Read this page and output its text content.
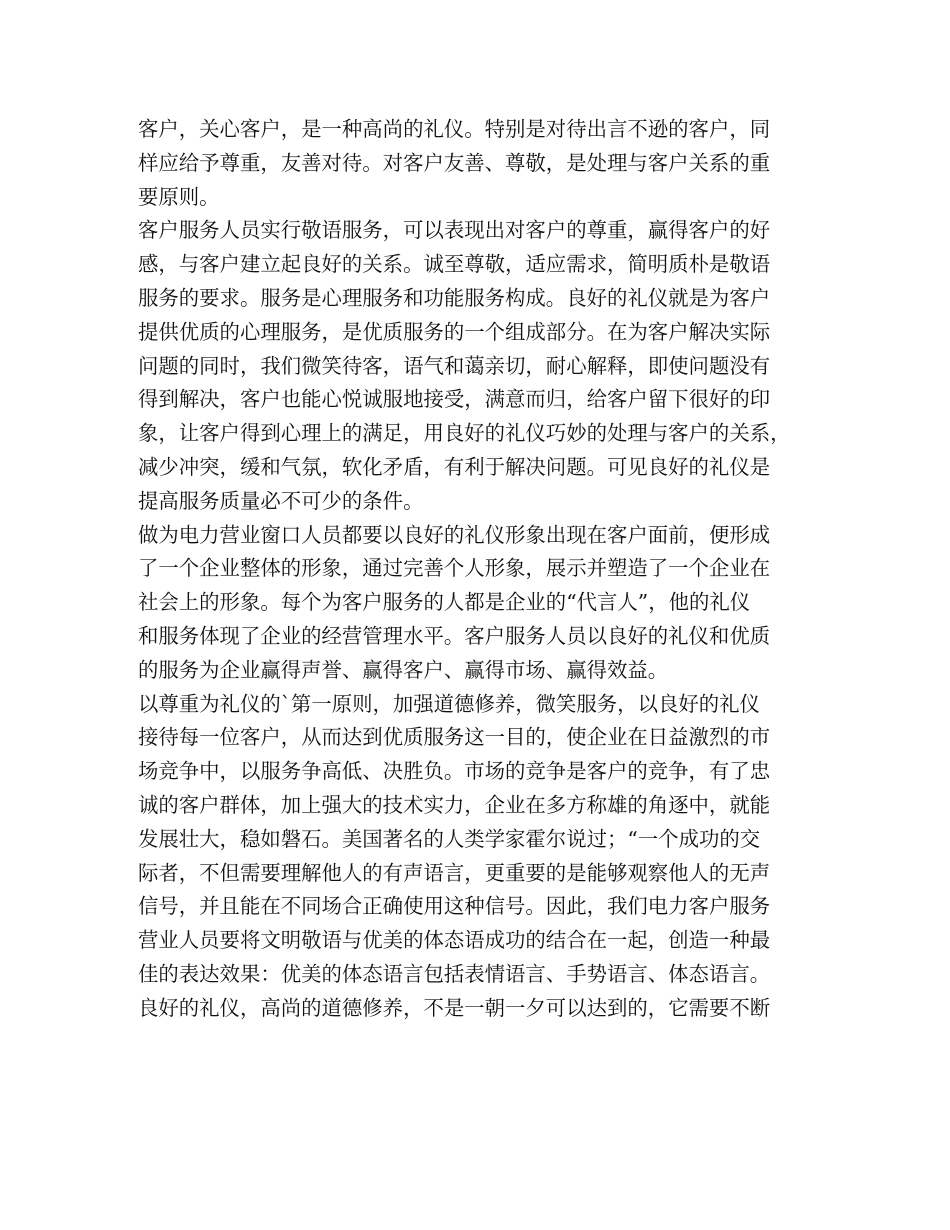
客户，关心客户，是一种高尚的礼仪。特别是对待出言不逊的客户，同
样应给予尊重，友善对待。对客户友善、尊敬，是处理与客户关系的重
要原则。
客户服务人员实行敬语服务，可以表现出对客户的尊重，赢得客户的好
感，与客户建立起良好的关系。诚至尊敬，适应需求，简明质朴是敬语
服务的要求。服务是心理服务和功能服务构成。良好的礼仪就是为客户
提供优质的心理服务，是优质服务的一个组成部分。在为客户解决实际
问题的同时，我们微笑待客，语气和蔼亲切，耐心解释，即使问题没有
得到解决，客户也能心悦诚服地接受，满意而归，给客户留下很好的印
象，让客户得到心理上的满足，用良好的礼仪巧妙的处理与客户的关系，
减少冲突，缓和气氛，软化矛盾，有利于解决问题。可见良好的礼仪是
提高服务质量必不可少的条件。
做为电力营业窗口人员都要以良好的礼仪形象出现在客户面前，便形成
了一个企业整体的形象，通过完善个人形象，展示并塑造了一个企业在
社会上的形象。每个为客户服务的人都是企业的“代言人”，他的礼仪
和服务体现了企业的经营管理水平。客户服务人员以良好的礼仪和优质
的服务为企业赢得声誉、赢得客户、赢得市场、赢得效益。
以尊重为礼仪的`第一原则，加强道德修养，微笑服务，以良好的礼仪
接待每一位客户，从而达到优质服务这一目的，使企业在日益激烈的市
场竞争中，以服务争高低、决胜负。市场的竞争是客户的竞争，有了忠
诚的客户群体，加上强大的技术实力，企业在多方称雄的角逐中，就能
发展壮大，稳如磐石。美国著名的人类学家霍尔说过；“一个成功的交
际者，不但需要理解他人的有声语言，更重要的是能够观察他人的无声
信号，并且能在不同场合正确使用这种信号。因此，我们电力客户服务
营业人员要将文明敬语与优美的体态语成功的结合在一起，创造一种最
佳的表达效果：优美的体态语言包括表情语言、手势语言、体态语言。
良好的礼仪，高尚的道德修养，不是一朝一夕可以达到的，它需要不断
